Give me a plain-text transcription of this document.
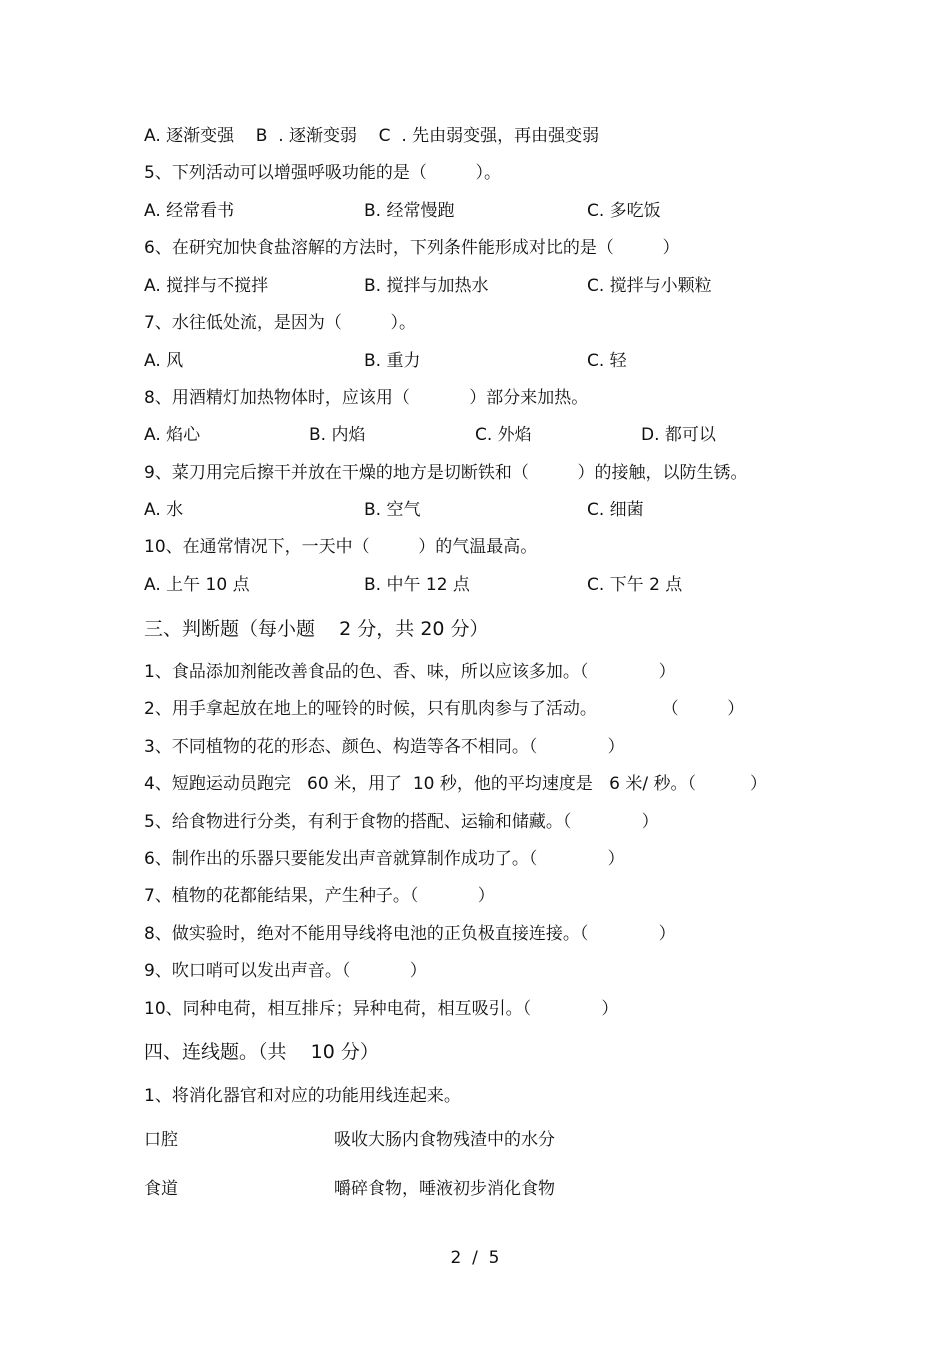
A. 逐渐变强    B  . 逐渐变弱    C  . 先由弱变强，再由强变弱
5、下列活动可以增强呼吸功能的是（         ）。
A. 经常看书	B. 经常慢跑	C. 多吃饭
6、在研究加快食盐溶解的方法时，下列条件能形成对比的是（         ）
A. 搅拌与不搅拌	B. 搅拌与加热水	C. 搅拌与小颗粒
7、水往低处流，是因为（         ）。
A. 风	B. 重力	C. 轻
8、用酒精灯加热物体时，应该用（           ）部分来加热。
A. 焰心	B. 内焰	C. 外焰	D. 都可以
9、菜刀用完后擦干并放在干燥的地方是切断铁和（         ）的接触，以防生锈。
A. 水	B. 空气	C. 细菌
10、在通常情况下，一天中（         ）的气温最高。
A. 上午 10 点	B. 中午 12 点	C. 下午 2 点
三、判断题（每小题    2 分，共 20 分）
1、食品添加剂能改善食品的色、香、味，所以应该多加。（             ）
2、用手拿起放在地上的哑铃的时候，只有肌肉参与了活动。            （         ）
3、不同植物的花的形态、颜色、构造等各不相同。（             ）
4、短跑运动员跑完   60 米，用了  10 秒，他的平均速度是   6 米/ 秒。（          ）
5、给食物进行分类，有利于食物的搭配、运输和储藏。（             ）
6、制作出的乐器只要能发出声音就算制作成功了。（             ）
7、植物的花都能结果，产生种子。（           ）
8、做实验时，绝对不能用导线将电池的正负极直接连接。（             ）
9、吹口哨可以发出声音。（           ）
10、同种电荷，相互排斥；异种电荷，相互吸引。（             ）
四、连线题。（共    10 分）
1、将消化器官和对应的功能用线连起来。
口腔	吸收大肠内食物残渣中的水分
食道	嚼碎食物，唾液初步消化食物
2  /  5
